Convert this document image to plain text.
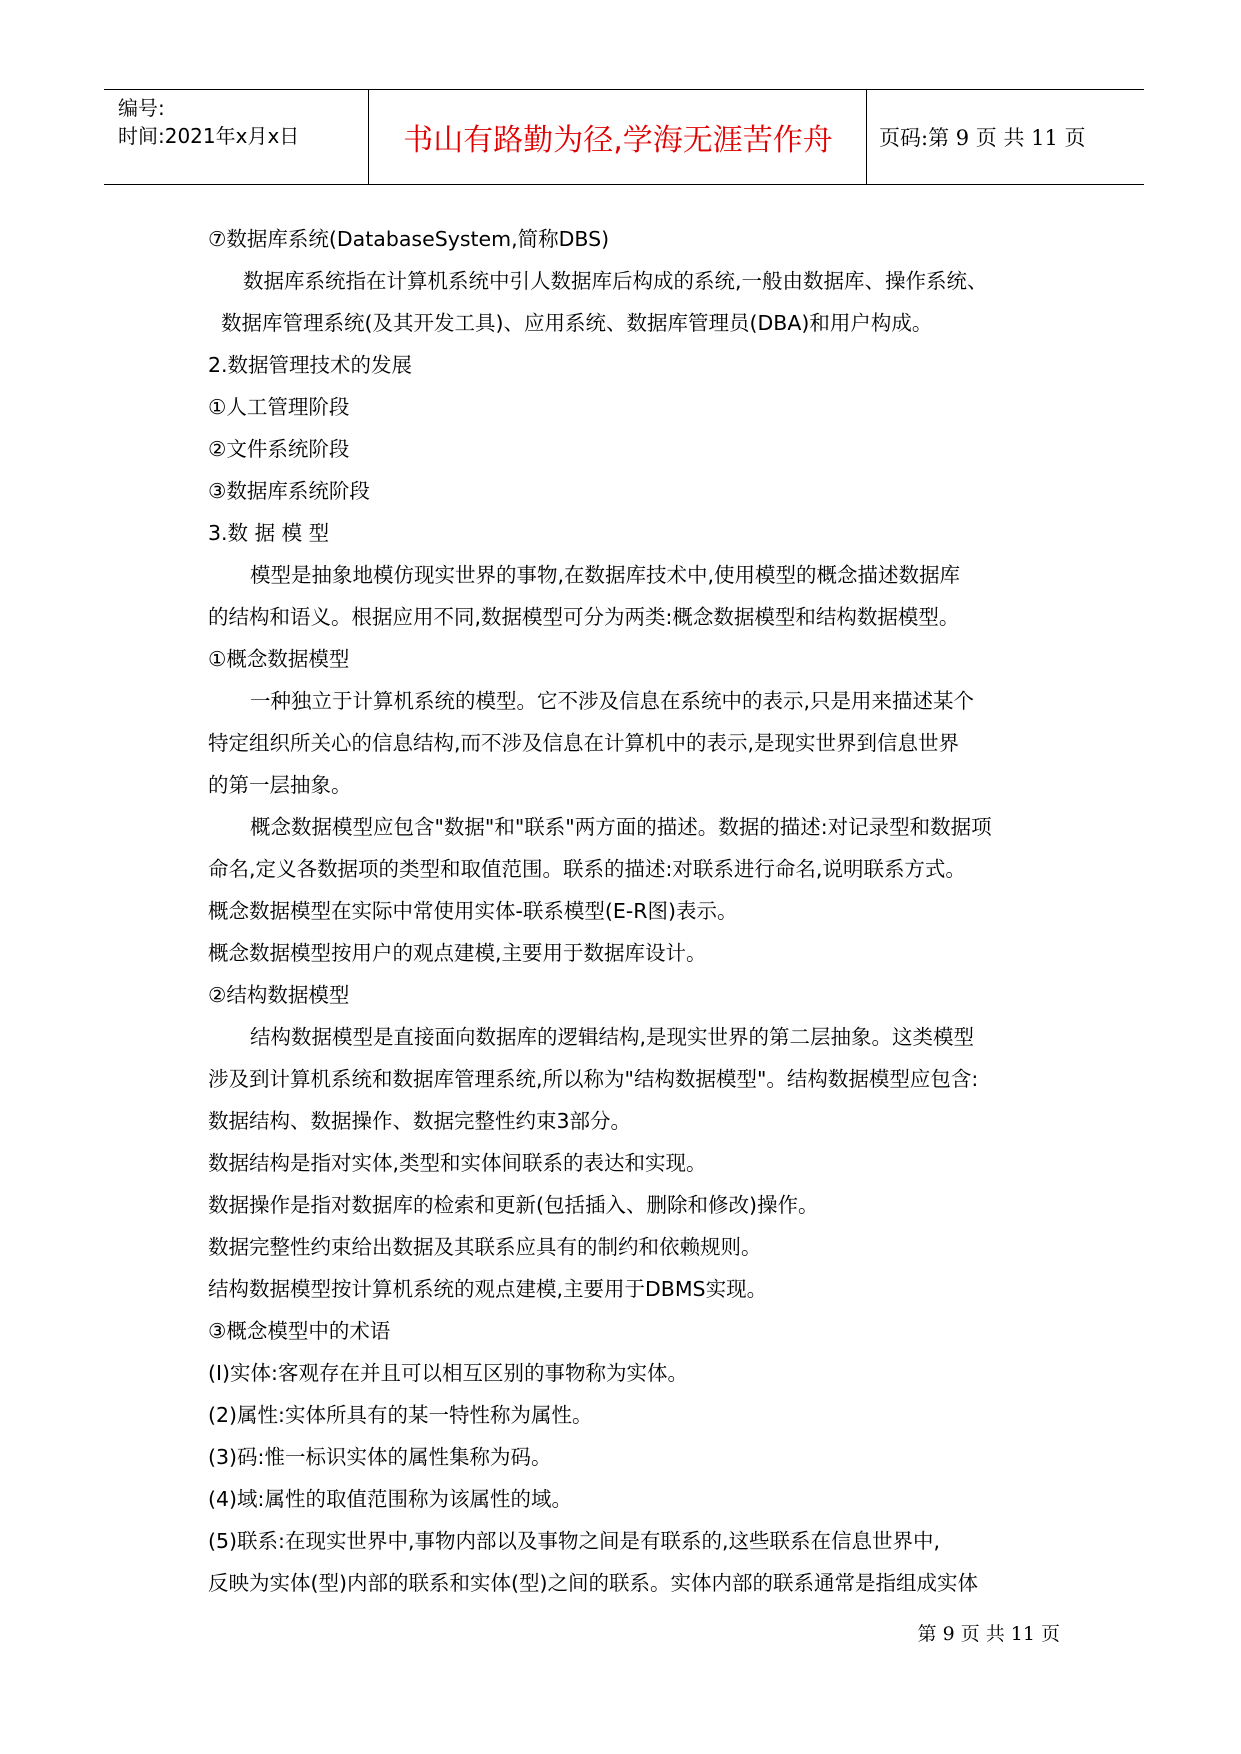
编号:
时间:2021年x月x日	书山有路勤为径,学海无涯苦作舟	页码:第 9 页 共 11 页
⑦数据库系统(DatabaseSystem,简称DBS)
数据库系统指在计算机系统中引人数据库后构成的系统,一般由数据库、操作系统、
数据库管理系统(及其开发工具)、应用系统、数据库管理员(DBA)和用户构成。
2.数据管理技术的发展
①人工管理阶段
②文件系统阶段
③数据库系统阶段
3.数 据 模 型
模型是抽象地模仿现实世界的事物,在数据库技术中,使用模型的概念描述数据库
的结构和语义。根据应用不同,数据模型可分为两类:概念数据模型和结构数据模型。
①概念数据模型
一种独立于计算机系统的模型。它不涉及信息在系统中的表示,只是用来描述某个
特定组织所关心的信息结构,而不涉及信息在计算机中的表示,是现实世界到信息世界
的第一层抽象。
概念数据模型应包含"数据"和"联系"两方面的描述。数据的描述:对记录型和数据项
命名,定义各数据项的类型和取值范围。联系的描述:对联系进行命名,说明联系方式。
概念数据模型在实际中常使用实体-联系模型(E-R图)表示。
概念数据模型按用户的观点建模,主要用于数据库设计。
②结构数据模型
结构数据模型是直接面向数据库的逻辑结构,是现实世界的第二层抽象。这类模型
涉及到计算机系统和数据库管理系统,所以称为"结构数据模型"。结构数据模型应包含:
数据结构、数据操作、数据完整性约束3部分。
数据结构是指对实体,类型和实体间联系的表达和实现。
数据操作是指对数据库的检索和更新(包括插入、删除和修改)操作。
数据完整性约束给出数据及其联系应具有的制约和依赖规则。
结构数据模型按计算机系统的观点建模,主要用于DBMS实现。
③概念模型中的术语
(I)实体:客观存在并且可以相互区别的事物称为实体。
(2)属性:实体所具有的某一特性称为属性。
(3)码:惟一标识实体的属性集称为码。
(4)域:属性的取值范围称为该属性的域。
(5)联系:在现实世界中,事物内部以及事物之间是有联系的,这些联系在信息世界中,
反映为实体(型)内部的联系和实体(型)之间的联系。实体内部的联系通常是指组成实体
第 9 页 共 11 页
